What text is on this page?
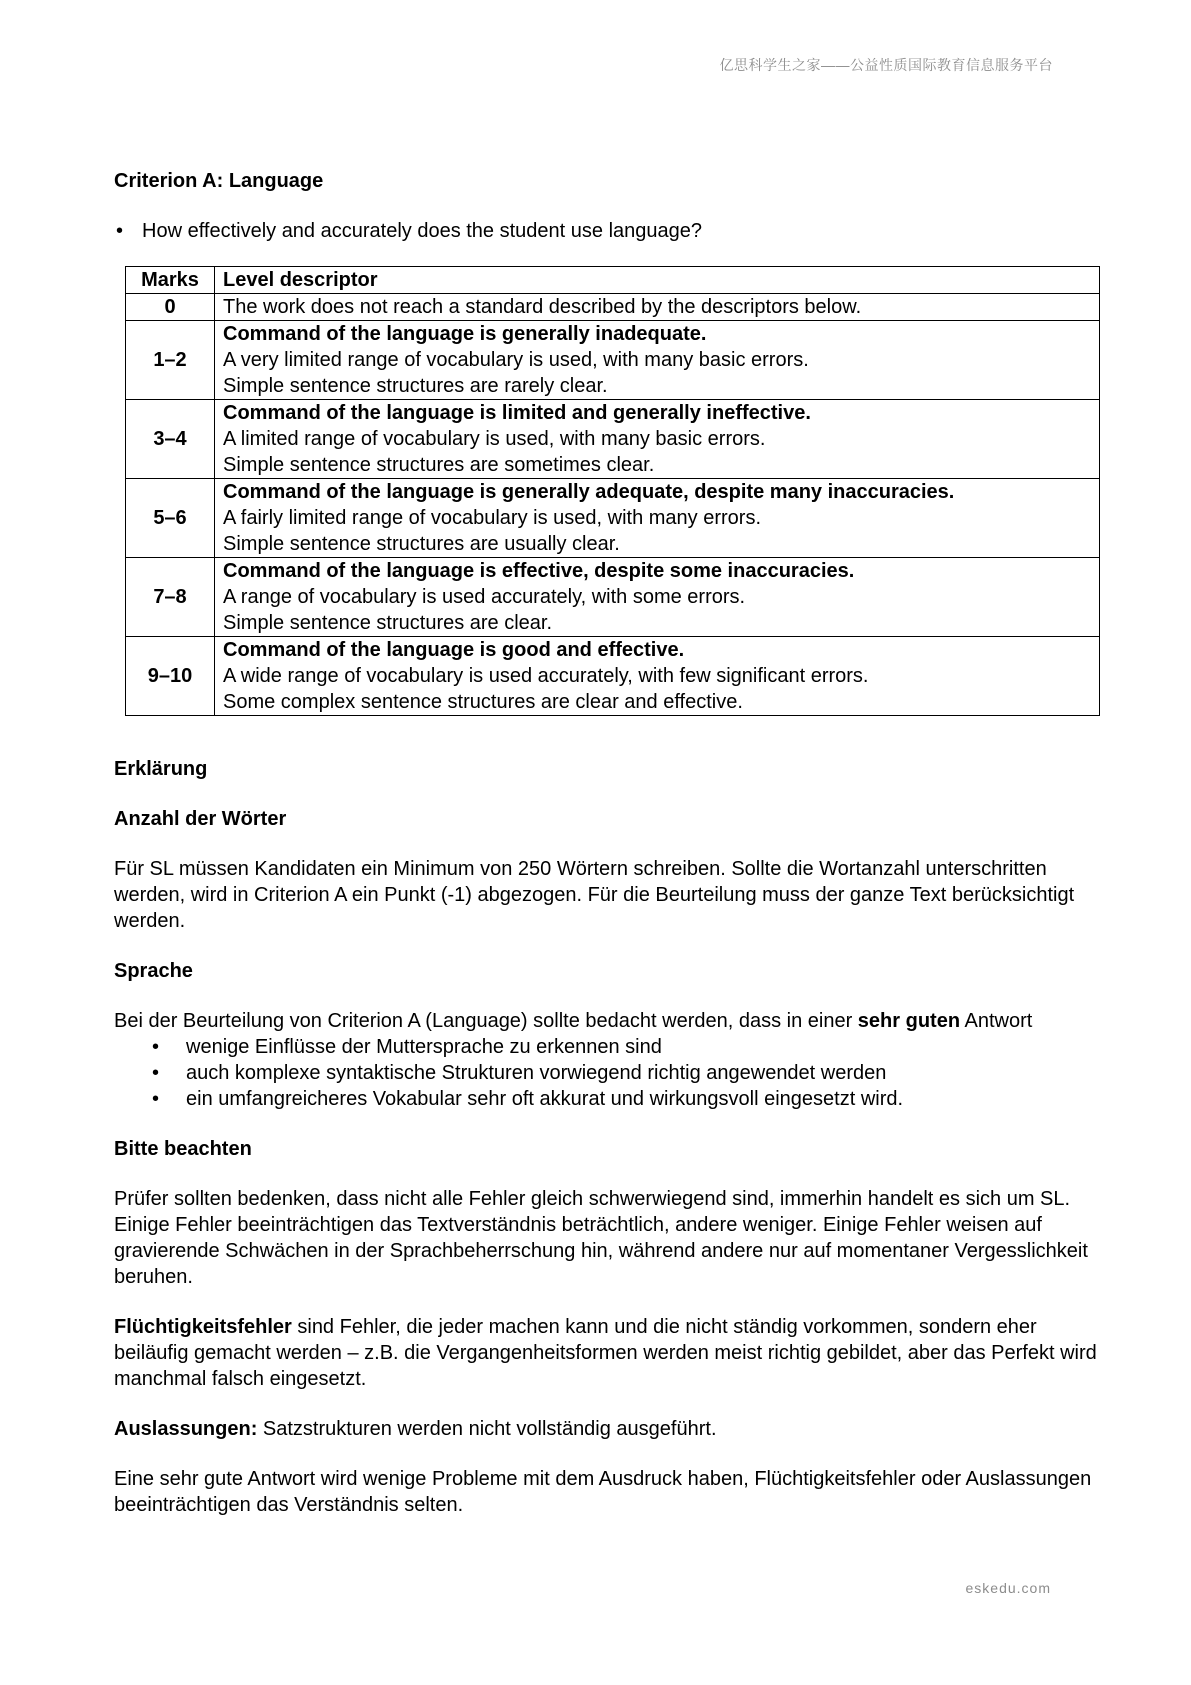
亿思科学生之家——公益性质国际教育信息服务平台
Criterion A: Language
• How effectively and accurately does the student use language?
Marks	Level descriptor
0	The work does not reach a standard described by the descriptors below.

1–2	Command of the language is generally inadequate.
A very limited range of vocabulary is used, with many basic errors.
Simple sentence structures are rarely clear.

3–4	Command of the language is limited and generally ineffective.
A limited range of vocabulary is used, with many basic errors.
Simple sentence structures are sometimes clear.

5–6	Command of the language is generally adequate, despite many inaccuracies.
A fairly limited range of vocabulary is used, with many errors.
Simple sentence structures are usually clear.

7–8	Command of the language is effective, despite some inaccuracies.
A range of vocabulary is used accurately, with some errors.
Simple sentence structures are clear.

9–10	Command of the language is good and effective.
A wide range of vocabulary is used accurately, with few significant errors.
Some complex sentence structures are clear and effective.
Erklärung
Anzahl der Wörter
Für SL müssen Kandidaten ein Minimum von 250 Wörtern schreiben. Sollte die Wortanzahl unterschritten werden, wird in Criterion A ein Punkt (-1) abgezogen. Für die Beurteilung muss der ganze Text berücksichtigt werden.
Sprache
Bei der Beurteilung von Criterion A (Language) sollte bedacht werden, dass in einer sehr guten Antwort
• wenige Einflüsse der Muttersprache zu erkennen sind
• auch komplexe syntaktische Strukturen vorwiegend richtig angewendet werden
• ein umfangreicheres Vokabular sehr oft akkurat und wirkungsvoll eingesetzt wird.
Bitte beachten
Prüfer sollten bedenken, dass nicht alle Fehler gleich schwerwiegend sind, immerhin handelt es sich um SL. Einige Fehler beeinträchtigen das Textverständnis beträchtlich, andere weniger. Einige Fehler weisen auf gravierende Schwächen in der Sprachbeherrschung hin, während andere nur auf momentaner Vergesslichkeit beruhen.
Flüchtigkeitsfehler sind Fehler, die jeder machen kann und die nicht ständig vorkommen, sondern eher beiläufig gemacht werden – z.B. die Vergangenheitsformen werden meist richtig gebildet, aber das Perfekt wird manchmal falsch eingesetzt.
Auslassungen: Satzstrukturen werden nicht vollständig ausgeführt.
Eine sehr gute Antwort wird wenige Probleme mit dem Ausdruck haben, Flüchtigkeitsfehler oder Auslassungen beeinträchtigen das Verständnis selten.
eskedu.com
